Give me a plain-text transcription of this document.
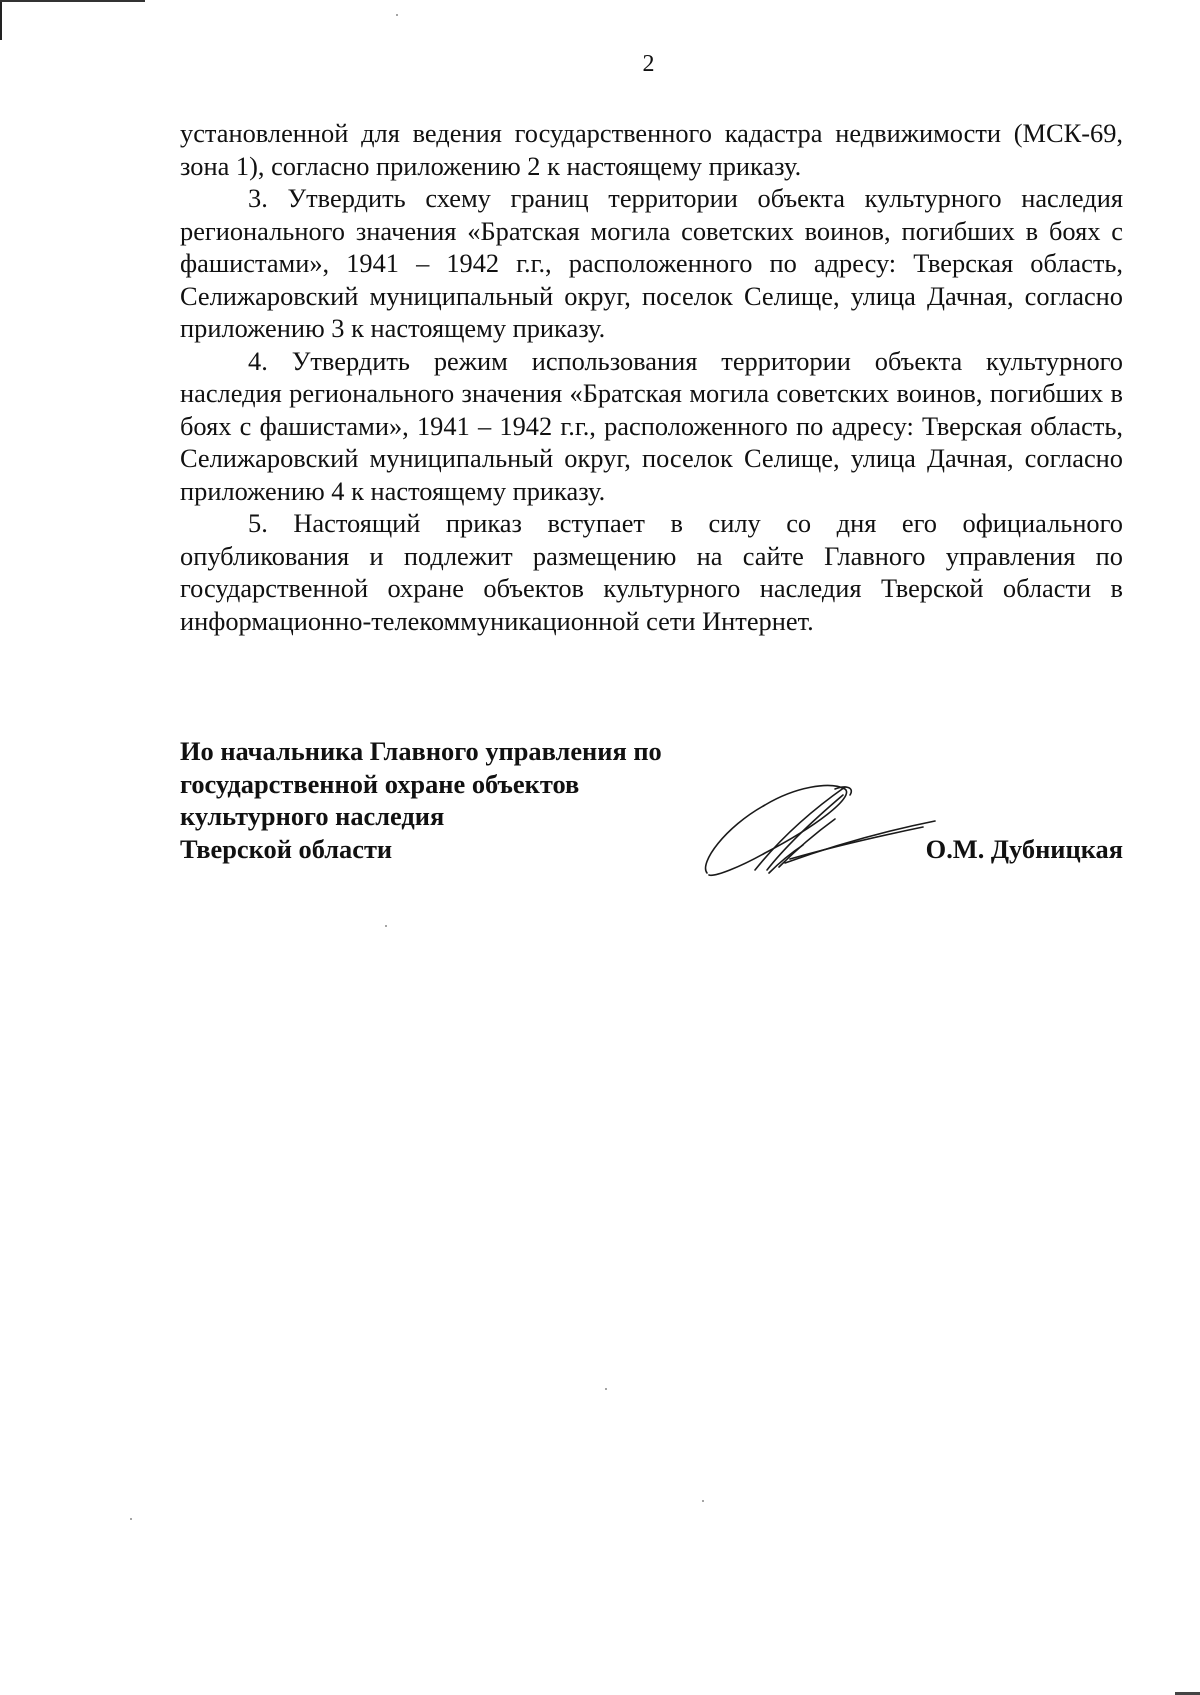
2

установленной для ведения государственного кадастра недвижимости (МСК-69, зона 1), согласно приложению 2 к настоящему приказу.

3. Утвердить схему границ территории объекта культурного наследия регионального значения «Братская могила советских воинов, погибших в боях с фашистами», 1941 – 1942 г.г., расположенного по адресу: Тверская область, Селижаровский муниципальный округ, поселок Селище, улица Дачная, согласно приложению 3 к настоящему приказу.

4. Утвердить режим использования территории объекта культурного наследия регионального значения «Братская могила советских воинов, погибших в боях с фашистами», 1941 – 1942 г.г., расположенного по адресу: Тверская область, Селижаровский муниципальный округ, поселок Селище, улица Дачная, согласно приложению 4 к настоящему приказу.

5. Настоящий приказ вступает в силу со дня его официального опубликования и подлежит размещению на сайте Главного управления по государственной охране объектов культурного наследия Тверской области в информационно-телекоммуникационной сети Интернет.

Ио начальника Главного управления по
государственной охране объектов
культурного наследия
Тверской области	О.М. Дубницкая
